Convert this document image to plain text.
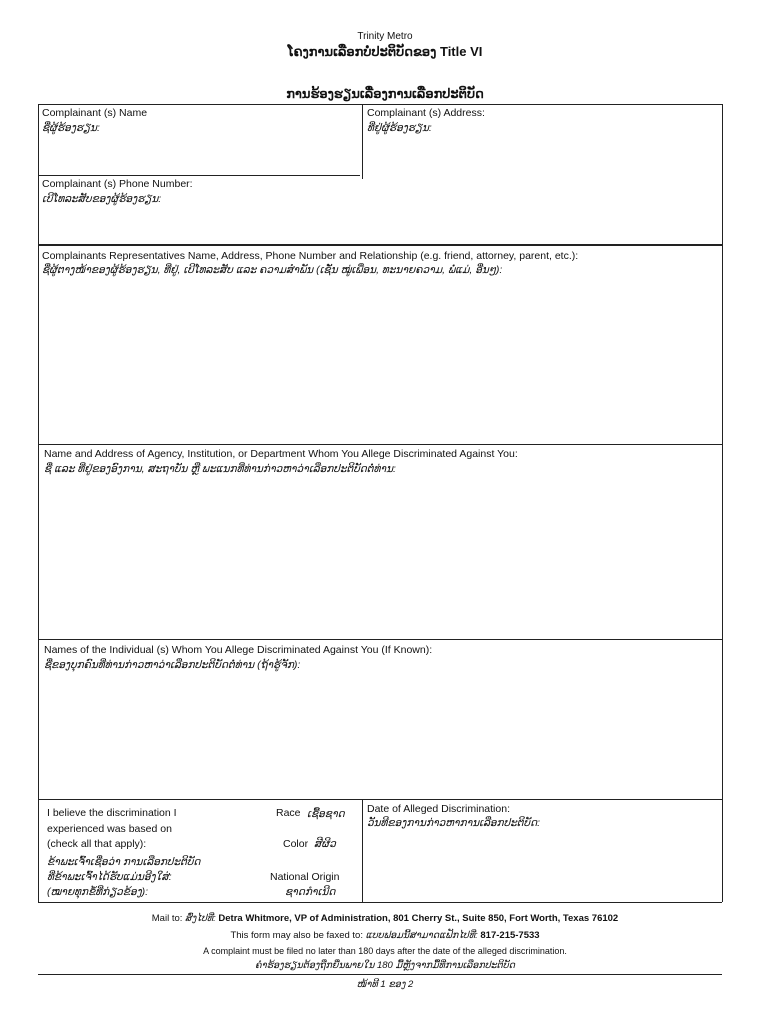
Trinity Metro
ໂຄງການເລືອກບໍ່ປະຕິບັດຂອງ Title VI
ການຮ້ອງຮຽນເລື່ອງການເລືອກປະຕິບັດ
Complainant (s) Name
ຊື່ຜູ້ຮ້ອງຮຽນ:
Complainant (s) Address:
ທີ່ຢູ່ຜູ້ຮ້ອງຮຽນ:
Complainant (s) Phone Number:
ເບີໂທລະສັບຂອງຜູ້ຮ້ອງຮຽນ:
Complainants Representatives Name, Address, Phone Number and Relationship (e.g. friend, attorney, parent, etc.):
ຊື່ຜູ້ຕາງໜ້າຂອງຜູ້ຮ້ອງຮຽນ, ທີ່ຢູ່, ເບີໂທລະສັບ ແລະ ຄວາມສຳພັນ (ເຊັ່ນ ໝູ່ເພື່ອນ, ທະນາຍຄວາມ, ພໍ່ແມ່, ອື່ນໆ):
Name and Address of Agency, Institution, or Department Whom You Allege Discriminated Against You:
ຊື່ ແລະ ທີ່ຢູ່ຂອງອົງການ, ສະຖາບັນ ຫຼື ພະແນກທີ່ທ່ານກ່າວຫາວ່າເລືອກປະຕິບັດຕໍ່ທ່ານ:
Names of the Individual (s) Whom You Allege Discriminated Against You (If Known):
ຊື່ຂອງບຸກຄົນທີ່ທ່ານກ່າວຫາວ່າເລືອກປະຕິບັດຕໍ່ທ່ານ (ຖ້າຮູ້ຈັກ):
I believe the discrimination I
experienced was based on
(check all that apply):
ຂ້າພະເຈົ້າເຊື່ອວ່າ ການເລືອກປະຕິບັດ
ທີ່ຂ້າພະເຈົ້າໄດ້ຮັບແມ່ນອີງໃສ່:
(ໝາຍທຸກຂໍ້ທີ່ກ່ຽວຂ້ອງ):
Race ເຊື້ອຊາດ
Color ສີຜິວ
National Origin
ຊາດກຳເນີດ
Date of Alleged Discrimination:
ວັນທີຂອງການກ່າວຫາການເລືອກປະຕິບັດ:
Mail to: ສົ່ງໄປທີ່: Detra Whitmore, VP of Administration, 801 Cherry St., Suite 850, Fort Worth, Texas 76102
This form may also be faxed to: ແບບຟອມນີ້ສາມາດແຟັກໄປທີ່: 817-215-7533
A complaint must be filed no later than 180 days after the date of the alleged discrimination.
ຄຳຮ້ອງຮຽນຕ້ອງຖືກຍື່ນພາຍໃນ 180 ມື້ຫຼັງຈາກມື້ທີ່ການເລືອກປະຕິບັດ
ໜ້າທີ 1 ຂອງ 2
